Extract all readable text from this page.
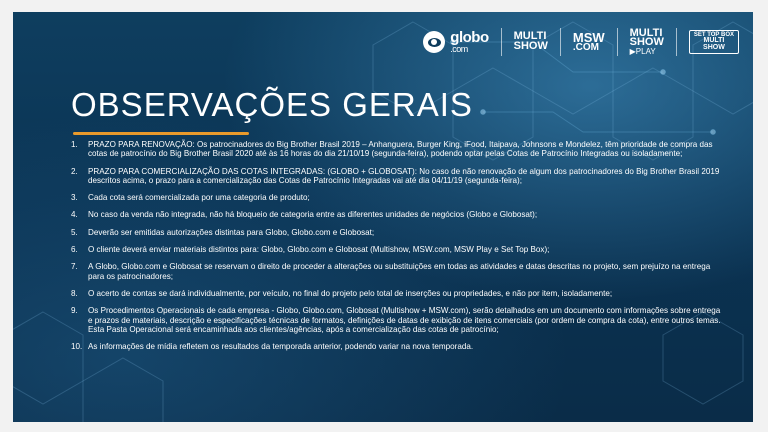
globo
.com
MULTI
SHOW
MSW
.COM
MULTI
SHOW
▶PLAY
SET TOP BOX
MULTI
SHOW
OBSERVAÇÕES GERAIS
1. PRAZO PARA RENOVAÇÃO: Os patrocinadores do Big Brother Brasil 2019 – Anhanguera, Burger King, iFood, Itaipava, Johnsons e Mondelez, têm prioridade de compra das cotas de patrocínio do Big Brother Brasil 2020 até às 16 horas do dia 21/10/19 (segunda-feira), podendo optar pelas Cotas de Patrocínio Integradas ou isoladamente;
2. PRAZO PARA COMERCIALIZAÇÃO DAS COTAS INTEGRADAS: (GLOBO + GLOBOSAT): No caso de não renovação de algum dos patrocinadores do Big Brother Brasil 2019 descritos acima, o prazo para a comercialização das Cotas de Patrocínio Integradas vai até dia 04/11/19 (segunda-feira);
3. Cada cota será comercializada por uma categoria de produto;
4. No caso da venda não integrada, não há bloqueio de categoria entre as diferentes unidades de negócios (Globo e Globosat);
5. Deverão ser emitidas autorizações distintas para Globo, Globo.com e Globosat;
6. O cliente deverá enviar materiais distintos para: Globo, Globo.com e Globosat (Multishow, MSW.com, MSW Play e Set Top Box);
7. A Globo, Globo.com e Globosat se reservam o direito de proceder a alterações ou substituições em todas as atividades e datas descritas no projeto, sem prejuízo na entrega para os patrocinadores;
8. O acerto de contas se dará individualmente, por veículo, no final do projeto pelo total de inserções ou propriedades, e não por item, isoladamente;
9. Os Procedimentos Operacionais de cada empresa - Globo, Globo.com, Globosat (Multishow + MSW.com), serão detalhados em um documento com informações sobre entrega e prazos de materiais, descrição e especificações técnicas de formatos, definições de datas de exibição de itens comerciais (por ordem de compra da cota), entre outros temas. Esta Pasta Operacional será encaminhada aos clientes/agências, após a comercialização das cotas de patrocínio;
10. As informações de mídia refletem os resultados da temporada anterior, podendo variar na nova temporada.
